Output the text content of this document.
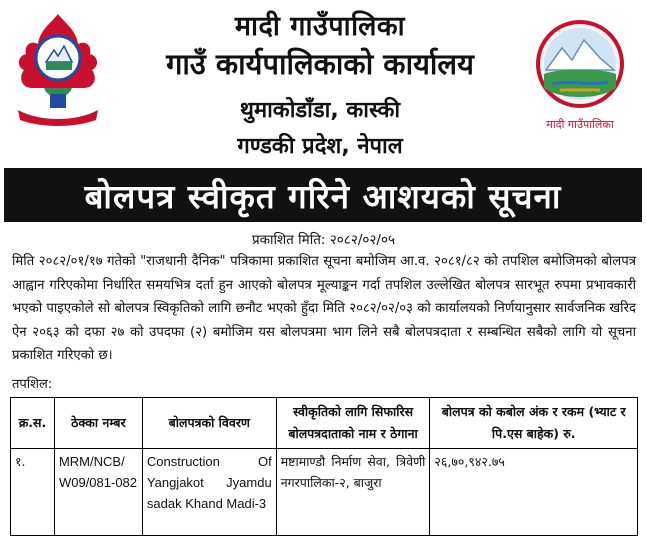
मादी गाउँपालिका
गाउँ कार्यपालिकाको कार्यालय
थुमाकोडाँडा, कास्की
गण्डकी प्रदेश, नेपाल
मादी गाउँपालिका
बोलपत्र स्वीकृत गरिने आशयको सूचना
प्रकाशित मिति: २०८२/०२/०५
मिति २०८२/०१/१७ गतेको "राजधानी दैनिक" पत्रिकामा प्रकाशित सूचना बमोजिम आ.व. २०८१/८२ को तपशिल बमोजिमको बोलपत्र आह्वान गरिएकोमा निर्धारित समयभित्र दर्ता हुन आएको बोलपत्र मूल्याङ्कन गर्दा तपशिल उल्लेखित बोलपत्र सारभूत रुपमा प्रभावकारी भएको पाइएकोले सो बोलपत्र स्विकृतिको लागि छनौट भएको हुँदा मिति २०८२/०२/०३ को कार्यालयको निर्णयानुसार सार्वजनिक खरिद ऐन २०६३ को दफा २७ को उपदफा (२) बमोजिम यस बोलपत्रमा भाग लिने सबै बोलपत्रदाता र सम्बन्धित सबैको लागि यो सूचना प्रकाशित गरिएको छ।
तपशिल:
क्र.स.	ठेक्का नम्बर	बोलपत्रको विवरण	स्वीकृतिको लागि सिफारिस बोलपत्रदाताको नाम र ठेगाना	बोलपत्र को कबोल अंक र रकम (भ्याट र पि.एस बाहेक) रु.
१.	MRM/NCB/ W09/081-082	Construction Of Yangjakot Jyamdu sadak Khand Madi-3	मष्टामाण्डौ निर्माण सेवा, त्रिवेणी नगरपालिका-२, बाजुरा	२६,७०,९४२.७५
